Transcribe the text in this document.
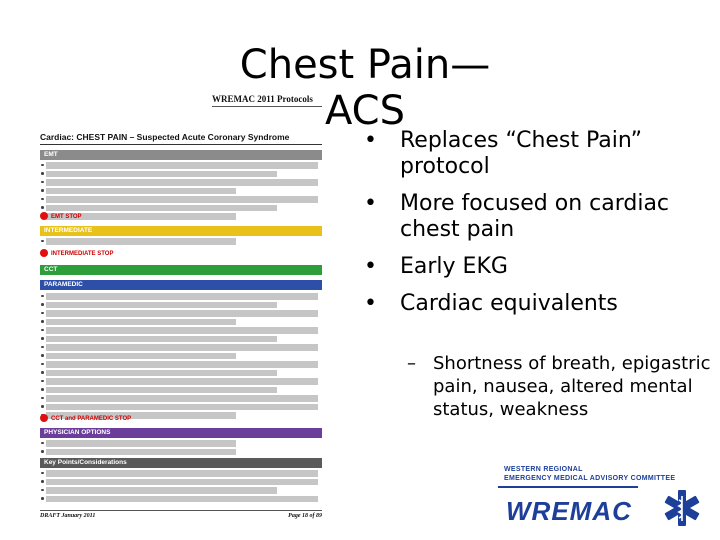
Chest Pain—ACS
WREMAC 2011 Protocols
Cardiac: CHEST PAIN – Suspected Acute Coronary Syndrome
EMT
EMT STOP
INTERMEDIATE
INTERMEDIATE STOP
CCT
PARAMEDIC
CCT and PARAMEDIC STOP
PHYSICIAN OPTIONS
Key Points/Considerations
DRAFT January 2011	Page 18 of 89
• Replaces “Chest Pain” protocol
• More focused on cardiac chest pain
• Early EKG
• Cardiac equivalents
– Shortness of breath, epigastric pain, nausea, altered mental status, weakness
WESTERN REGIONAL
EMERGENCY MEDICAL ADVISORY COMMITTEE
WREMAC
